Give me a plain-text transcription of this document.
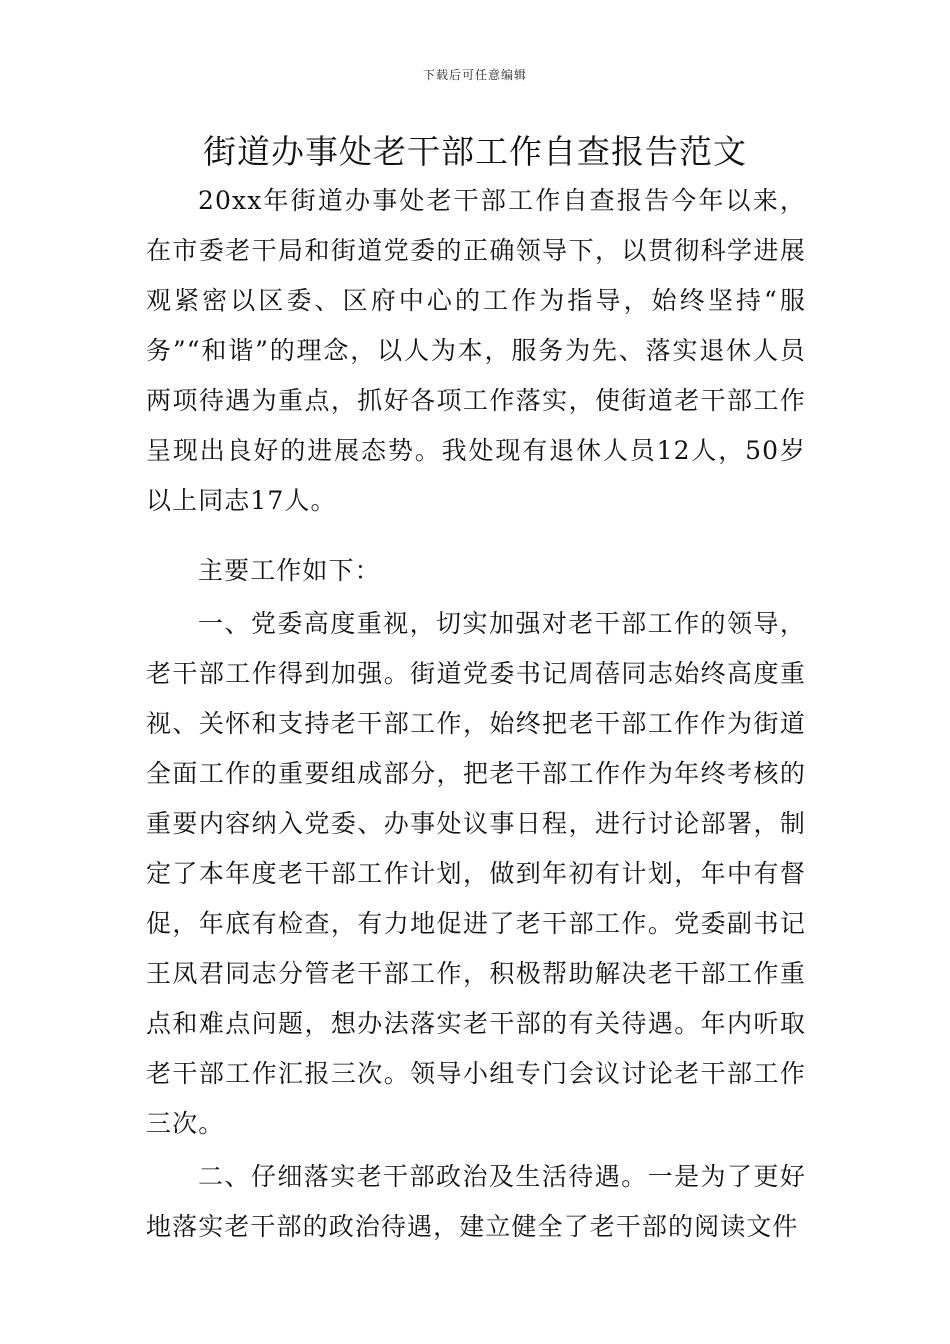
下载后可任意编辑
街道办事处老干部工作自查报告范文

20xx年街道办事处老干部工作自查报告今年以来，在市委老干局和街道党委的正确领导下，以贯彻科学进展观紧密以区委、区府中心的工作为指导，始终坚持“服务”“和谐”的理念，以人为本，服务为先、落实退休人员两项待遇为重点，抓好各项工作落实，使街道老干部工作呈现出良好的进展态势。我处现有退休人员12人，50岁以上同志17人。

主要工作如下：

一、党委高度重视，切实加强对老干部工作的领导，老干部工作得到加强。街道党委书记周蓓同志始终高度重视、关怀和支持老干部工作，始终把老干部工作作为街道全面工作的重要组成部分，把老干部工作作为年终考核的重要内容纳入党委、办事处议事日程，进行讨论部署，制定了本年度老干部工作计划，做到年初有计划，年中有督促，年底有检查，有力地促进了老干部工作。党委副书记王凤君同志分管老干部工作，积极帮助解决老干部工作重点和难点问题，想办法落实老干部的有关待遇。年内听取老干部工作汇报三次。领导小组专门会议讨论老干部工作三次。

二、仔细落实老干部政治及生活待遇。一是为了更好地落实老干部的政治待遇，建立健全了老干部的阅读文件
